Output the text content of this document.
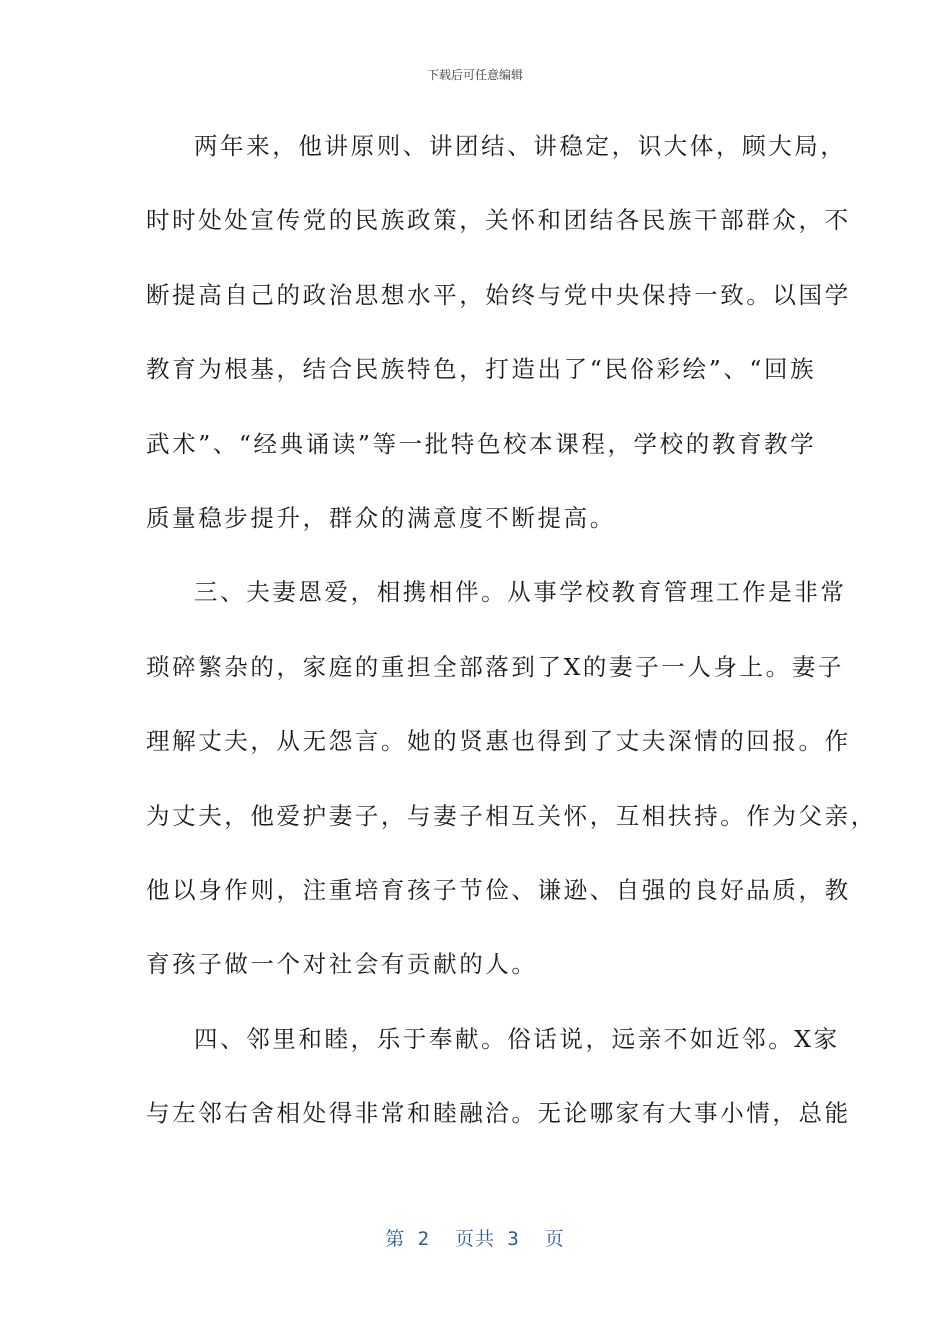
下载后可任意编辑
两年来，他讲原则、讲团结、讲稳定，识大体，顾大局，
时时处处宣传党的民族政策，关怀和团结各民族干部群众，不
断提高自己的政治思想水平，始终与党中央保持一致。以国学
教育为根基，结合民族特色，打造出了“民俗彩绘”、“回族
武术”、“经典诵读”等一批特色校本课程，学校的教育教学
质量稳步提升，群众的满意度不断提高。
三、夫妻恩爱，相携相伴。从事学校教育管理工作是非常
琐碎繁杂的，家庭的重担全部落到了X的妻子一人身上。妻子
理解丈夫，从无怨言。她的贤惠也得到了丈夫深情的回报。作
为丈夫，他爱护妻子，与妻子相互关怀，互相扶持。作为父亲，
他以身作则，注重培育孩子节俭、谦逊、自强的良好品质，教
育孩子做一个对社会有贡献的人。
四、邻里和睦，乐于奉献。俗话说，远亲不如近邻。X家
与左邻右舍相处得非常和睦融洽。无论哪家有大事小情，总能
第 2  页共 3  页
